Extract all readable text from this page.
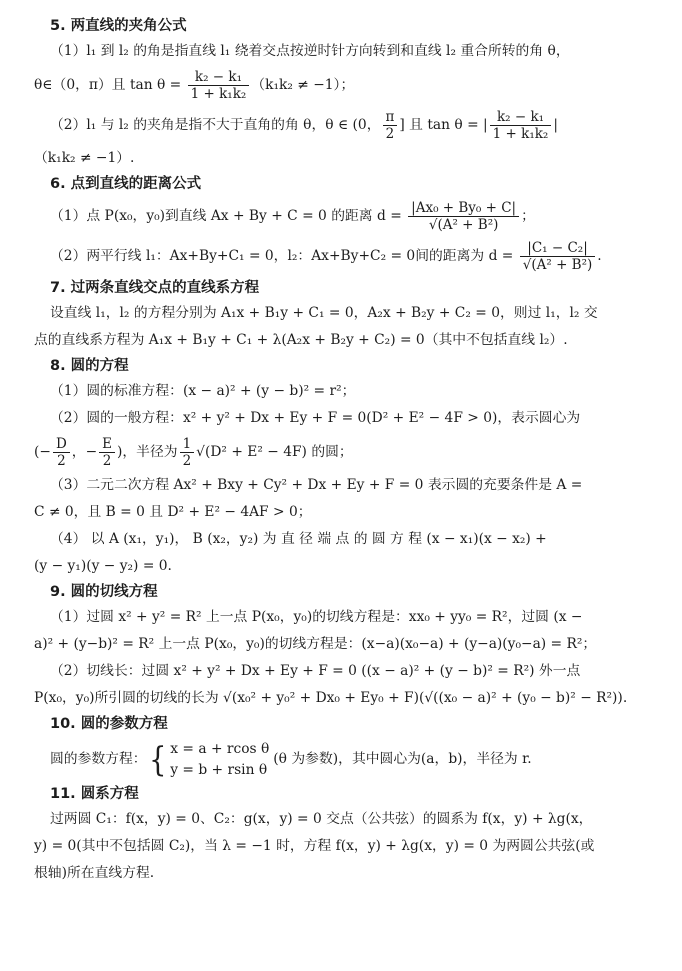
5. 两直线的夹角公式
（1）l₁ 到 l₂ 的角是指直线 l₁ 绕着交点按逆时针方向转到和直线 l₂ 重合所转的角 θ，
θ∈（0，π）且 $\tan \theta = \frac{\text{k₂ − k₁}}{\text{1 + k₁k₂}} (k_1k_2 \ne -1)$；
（2）l₁ 与 l₂ 的夹角是指不大于直角的角 θ，θ ∈ (0， $\frac{\pi}{2}$ ] 且 tan θ = | $\frac{\text{k₂ − k₁}}{\text{1 + k₁k₂}}$ |
（k₁k₂ ≠ −1）.
6. 点到直线的距离公式
（1）点 P(x₀，y₀)到直线 Ax + By + C = 0 的距离 $d = \frac{\text{|Ax₀ + By₀ + C|}}{\text{√(A² + B²)}}$ ；
（2）两平行线 l₁：Ax+By+C₁ = 0，l₂：Ax+By+C₂ = 0间的距离为 $d = \frac{\text{|C₁ − C₂|}}{\text{√(A² + B²)}}$ .
7. 过两条直线交点的直线系方程
设直线 l₁，l₂ 的方程分别为 A₁x + B₁y + C₁ = 0，A₂x + B₂y + C₂ = 0，则过 l₁，l₂ 交
点的直线系方程为 A₁x + B₁y + C₁ + λ(A₂x + B₂y + C₂) = 0（其中不包括直线 l₂）.
8. 圆的方程
（1）圆的标准方程：(x − a)² + (y − b)² = r²；
（2）圆的一般方程：x² + y² + Dx + Ey + F = 0(D² + E² − 4F > 0)，表示圆心为
(− $\frac{D}{2}$ ，− $\frac{E}{2}$ )，半径为 $\frac{1}{2} √(D^2 + E^2 - 4F)$ 的圆；
（3）二元二次方程 Ax² + Bxy + Cy² + Dx + Ey + F = 0 表示圆的充要条件是 A =
C ≠ 0，且 B = 0 且 D² + E² − 4AF > 0；
（4） 以 A (x₁，y₁)， B (x₂，y₂) 为 直 径 端 点 的 圆 方 程 (x − x₁)(x − x₂) +
(y − y₁)(y − y₂) = 0.
9. 圆的切线方程
（1）过圆 x² + y² = R² 上一点 P(x₀，y₀)的切线方程是：xx₀ + yy₀ = R²，过圆 (x −
a)² + (y−b)² = R² 上一点 P(x₀，y₀)的切线方程是：(x−a)(x₀−a) + (y−a)(y₀−a) = R²；
（2）切线长：过圆 x² + y² + Dx + Ey + F = 0 ((x − a)² + (y − b)² = R²) 外一点
P(x₀，y₀)所引圆的切线的长为 √(x₀² + y₀² + Dx₀ + Ey₀ + F)(√((x₀ − a)² + (y₀ − b)² − R²)).
10. 圆的参数方程
圆的参数方程： { x = a + rcos θ
y = b + rsin θ
(θ 为参数)，其中圆心为(a，b)，半径为 r.
11. 圆系方程
过两圆 C₁：f(x，y) = 0、C₂：g(x，y) = 0 交点（公共弦）的圆系为 f(x，y) + λg(x，
y) = 0(其中不包括圆 C₂)，当 λ = −1 时，方程 f(x，y) + λg(x，y) = 0 为两圆公共弦(或
根轴)所在直线方程.
